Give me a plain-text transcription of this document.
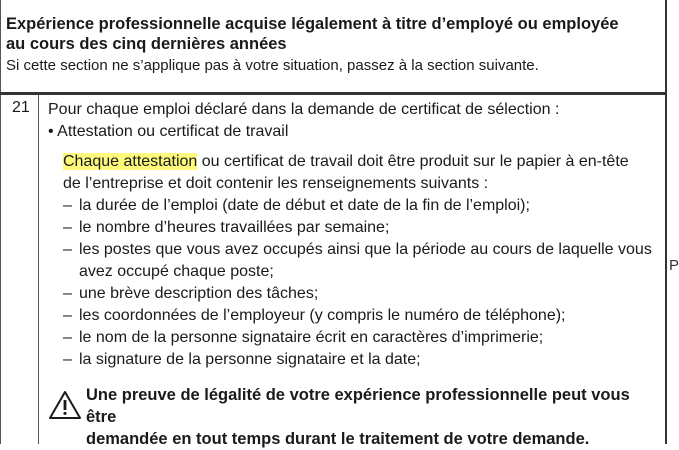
Expérience professionnelle acquise légalement à titre d’employé ou employée
au cours des cinq dernières années
Si cette section ne s’applique pas à votre situation, passez à la section suivante.
21 Pour chaque emploi déclaré dans la demande de certificat de sélection :
• Attestation ou certificat de travail
Chaque attestation ou certificat de travail doit être produit sur le papier à en-tête
de l’entreprise et doit contenir les renseignements suivants :
– la durée de l’emploi (date de début et date de la fin de l’emploi);
– le nombre d’heures travaillées par semaine;
– les postes que vous avez occupés ainsi que la période au cours de laquelle vous avez occupé chaque poste;
– une brève description des tâches;
– les coordonnées de l’employeur (y compris le numéro de téléphone);
– le nom de la personne signataire écrit en caractères d’imprimerie;
– la signature de la personne signataire et la date;
Une preuve de légalité de votre expérience professionnelle peut vous être
demandée en tout temps durant le traitement de votre demande.
P
